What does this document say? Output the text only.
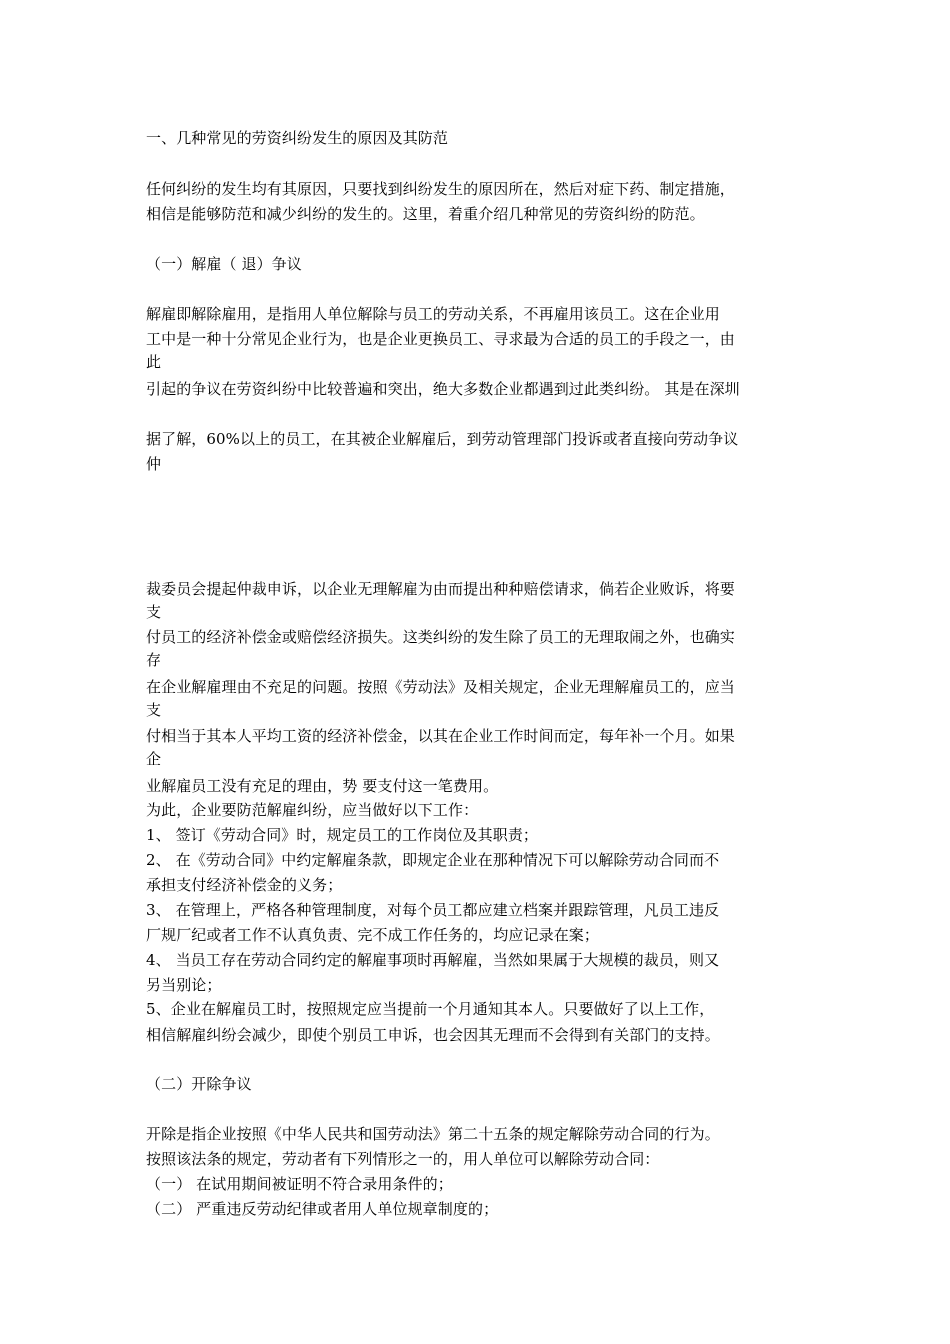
一、几种常见的劳资纠纷发生的原因及其防范
任何纠纷的发生均有其原因，只要找到纠纷发生的原因所在，然后对症下药、制定措施，
相信是能够防范和减少纠纷的发生的。这里，着重介绍几种常见的劳资纠纷的防范。
（一）解雇（ 退）争议
解雇即解除雇用，是指用人单位解除与员工的劳动关系，不再雇用该员工。这在企业用
工中是一种十分常见企业行为，也是企业更换员工、寻求最为合适的员工的手段之一，由
此
引起的争议在劳资纠纷中比较普遍和突出，绝大多数企业都遇到过此类纠纷。 其是在深圳
据了解，60%以上的员工，在其被企业解雇后，到劳动管理部门投诉或者直接向劳动争议
仲
裁委员会提起仲裁申诉，以企业无理解雇为由而提出种种赔偿请求，倘若企业败诉，将要
支
付员工的经济补偿金或赔偿经济损失。这类纠纷的发生除了员工的无理取闹之外，也确实
存
在企业解雇理由不充足的问题。按照《劳动法》及相关规定，企业无理解雇员工的，应当
支
付相当于其本人平均工资的经济补偿金，以其在企业工作时间而定，每年补一个月。如果
企
业解雇员工没有充足的理由，势 要支付这一笔费用。
为此，企业要防范解雇纠纷，应当做好以下工作：
1、 签订《劳动合同》时，规定员工的工作岗位及其职责；
2、 在《劳动合同》中约定解雇条款，即规定企业在那种情况下可以解除劳动合同而不
承担支付经济补偿金的义务；
3、 在管理上，严格各种管理制度，对每个员工都应建立档案并跟踪管理，凡员工违反
厂规厂纪或者工作不认真负责、完不成工作任务的，均应记录在案；
4、 当员工存在劳动合同约定的解雇事项时再解雇，当然如果属于大规模的裁员，则又
另当别论；
5、企业在解雇员工时，按照规定应当提前一个月通知其本人。只要做好了以上工作，
相信解雇纠纷会减少，即使个别员工申诉，也会因其无理而不会得到有关部门的支持。
（二）开除争议
开除是指企业按照《中华人民共和国劳动法》第二十五条的规定解除劳动合同的行为。
按照该法条的规定，劳动者有下列情形之一的，用人单位可以解除劳动合同：
（一） 在试用期间被证明不符合录用条件的；
（二） 严重违反劳动纪律或者用人单位规章制度的；
